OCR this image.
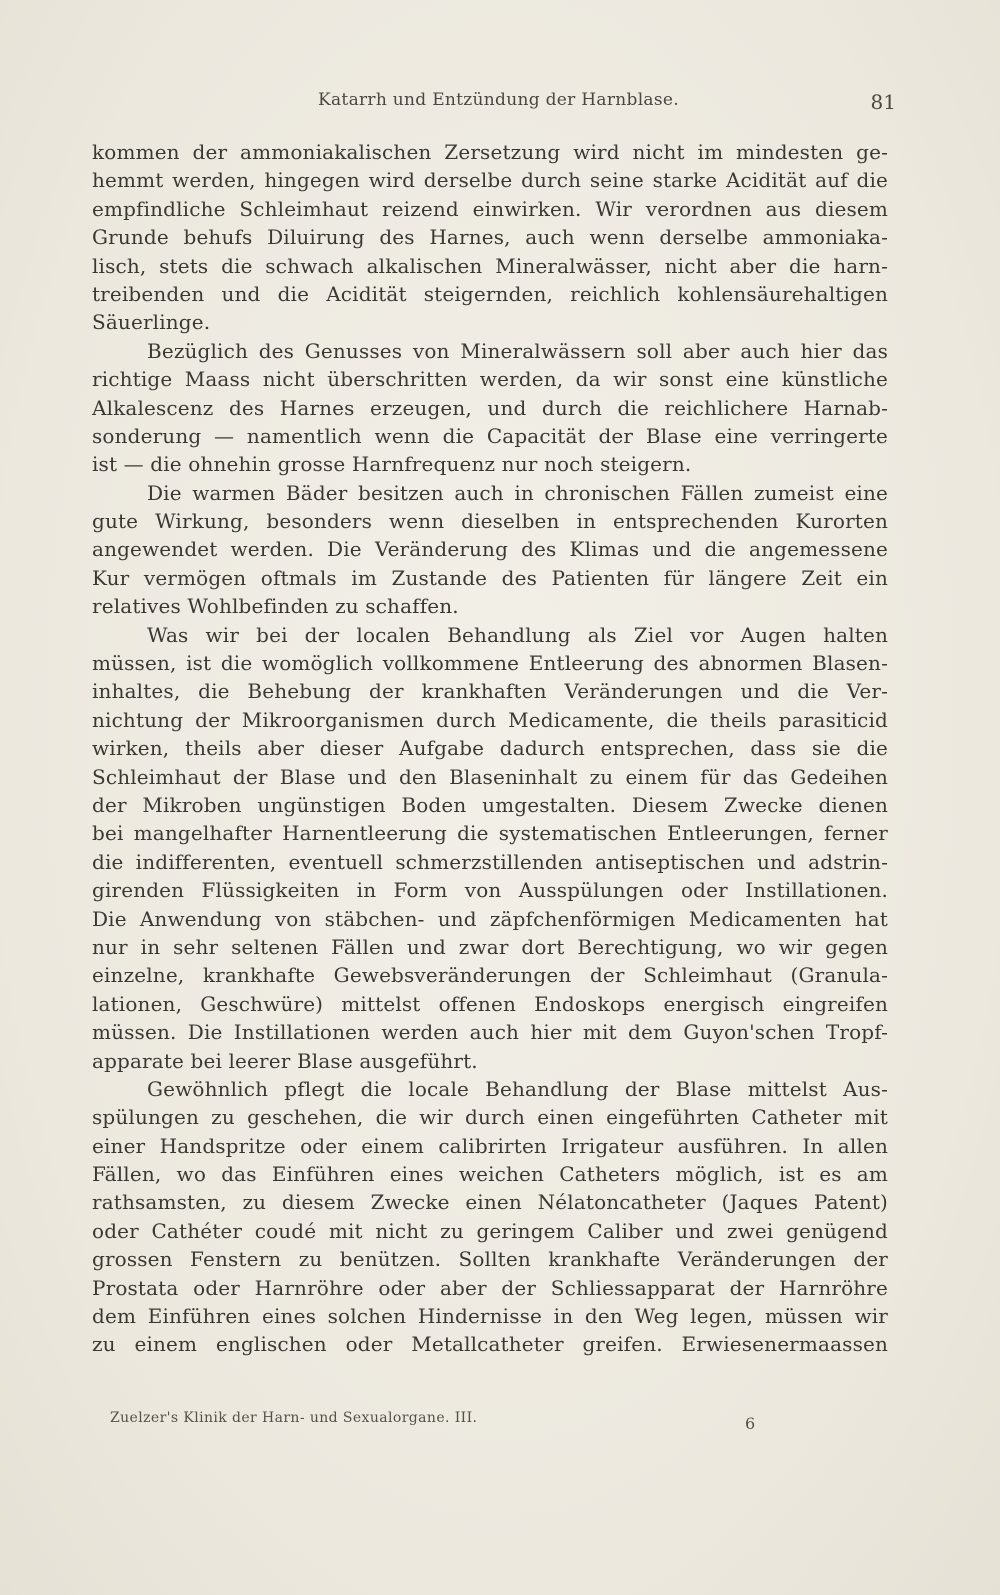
Katarrh und Entzündung der Harnblase.	81
kommen der ammoniakalischen Zersetzung wird nicht im mindesten ge-
hemmt werden, hingegen wird derselbe durch seine starke Acidität auf die
empfindliche Schleimhaut reizend einwirken. Wir verordnen aus diesem
Grunde behufs Diluirung des Harnes, auch wenn derselbe ammoniaka-
lisch, stets die schwach alkalischen Mineralwässer, nicht aber die harn-
treibenden und die Acidität steigernden, reichlich kohlensäurehaltigen
Säuerlinge.
Bezüglich des Genusses von Mineralwässern soll aber auch hier das
richtige Maass nicht überschritten werden, da wir sonst eine künstliche
Alkalescenz des Harnes erzeugen, und durch die reichlichere Harnab-
sonderung — namentlich wenn die Capacität der Blase eine verringerte
ist — die ohnehin grosse Harnfrequenz nur noch steigern.
Die warmen Bäder besitzen auch in chronischen Fällen zumeist eine
gute Wirkung, besonders wenn dieselben in entsprechenden Kurorten
angewendet werden. Die Veränderung des Klimas und die angemessene
Kur vermögen oftmals im Zustande des Patienten für längere Zeit ein
relatives Wohlbefinden zu schaffen.
Was wir bei der localen Behandlung als Ziel vor Augen halten
müssen, ist die womöglich vollkommene Entleerung des abnormen Blasen-
inhaltes, die Behebung der krankhaften Veränderungen und die Ver-
nichtung der Mikroorganismen durch Medicamente, die theils parasiticid
wirken, theils aber dieser Aufgabe dadurch entsprechen, dass sie die
Schleimhaut der Blase und den Blaseninhalt zu einem für das Gedeihen
der Mikroben ungünstigen Boden umgestalten. Diesem Zwecke dienen
bei mangelhafter Harnentleerung die systematischen Entleerungen, ferner
die indifferenten, eventuell schmerzstillenden antiseptischen und adstrin-
girenden Flüssigkeiten in Form von Ausspülungen oder Instillationen.
Die Anwendung von stäbchen- und zäpfchenförmigen Medicamenten hat
nur in sehr seltenen Fällen und zwar dort Berechtigung, wo wir gegen
einzelne, krankhafte Gewebsveränderungen der Schleimhaut (Granula-
lationen, Geschwüre) mittelst offenen Endoskops energisch eingreifen
müssen. Die Instillationen werden auch hier mit dem Guyon'schen Tropf-
apparate bei leerer Blase ausgeführt.
Gewöhnlich pflegt die locale Behandlung der Blase mittelst Aus-
spülungen zu geschehen, die wir durch einen eingeführten Catheter mit
einer Handspritze oder einem calibrirten Irrigateur ausführen. In allen
Fällen, wo das Einführen eines weichen Catheters möglich, ist es am
rathsamsten, zu diesem Zwecke einen Nélatoncatheter (Jaques Patent)
oder Cathéter coudé mit nicht zu geringem Caliber und zwei genügend
grossen Fenstern zu benützen. Sollten krankhafte Veränderungen der
Prostata oder Harnröhre oder aber der Schliessapparat der Harnröhre
dem Einführen eines solchen Hindernisse in den Weg legen, müssen wir
zu einem englischen oder Metallcatheter greifen. Erwiesenermaassen
Zuelzer's Klinik der Harn- und Sexualorgane. III.	6
